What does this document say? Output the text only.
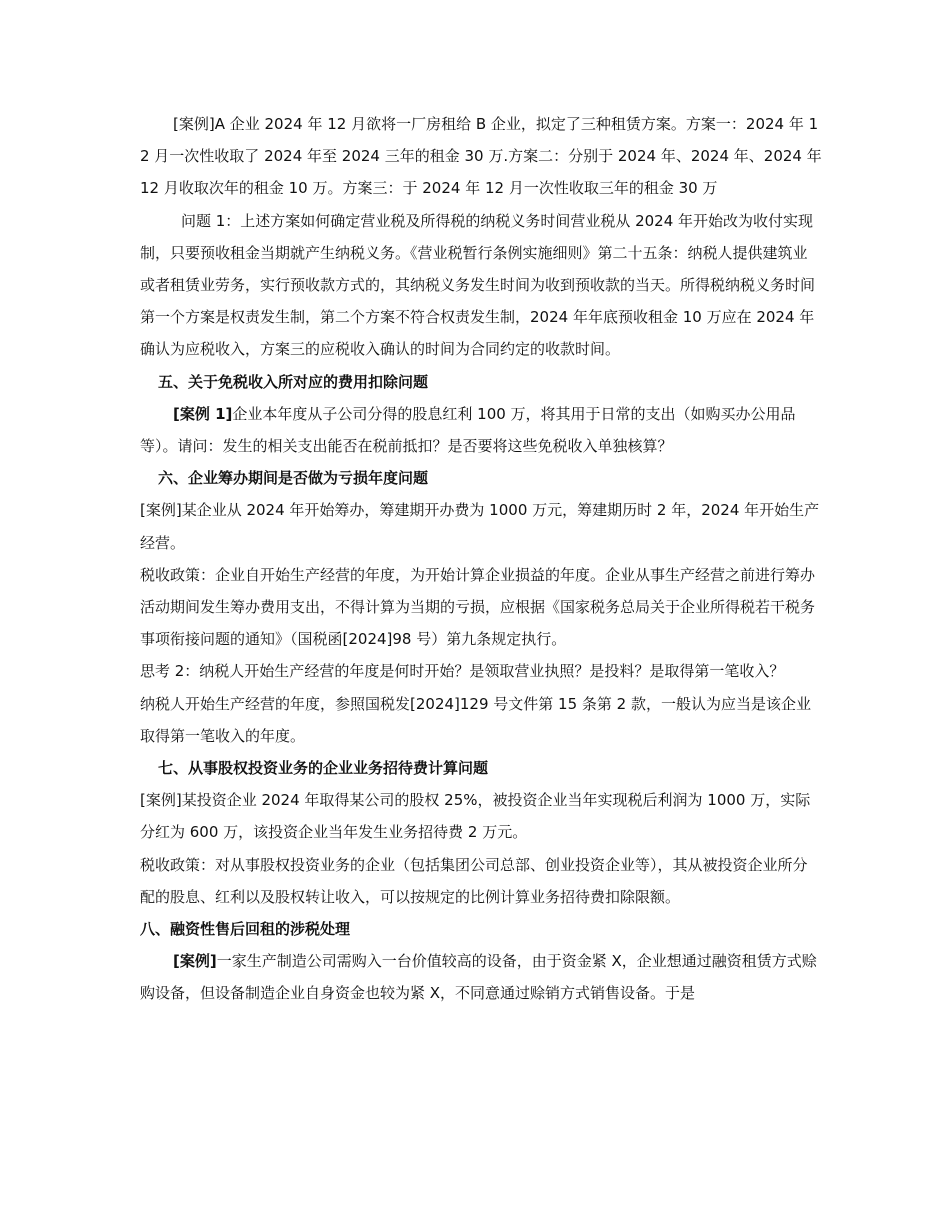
[案例]A 企业 2024 年 12 月欲将一厂房租给 B 企业，拟定了三种租赁方案。方案一：2024 年 12 月一次性收取了 2024 年至 2024 三年的租金 30 万.方案二：分别于 2024 年、2024 年、2024 年 12 月收取次年的租金 10 万。方案三：于 2024 年 12 月一次性收取三年的租金 30 万

问题 1：上述方案如何确定营业税及所得税的纳税义务时间营业税从 2024 年开始改为收付实现制，只要预收租金当期就产生纳税义务。《营业税暂行条例实施细则》第二十五条：纳税人提供建筑业或者租赁业劳务，实行预收款方式的，其纳税义务发生时间为收到预收款的当天。所得税纳税义务时间第一个方案是权责发生制，第二个方案不符合权责发生制，2024 年年底预收租金 10 万应在 2024 年确认为应税收入，方案三的应税收入确认的时间为合同约定的收款时间。

五、关于免税收入所对应的费用扣除问题

[案例 1]企业本年度从子公司分得的股息红利 100 万，将其用于日常的支出（如购买办公用品等）。请问：发生的相关支出能否在税前抵扣？是否要将这些免税收入单独核算？

六、企业筹办期间是否做为亏损年度问题

[案例]某企业从 2024 年开始筹办，筹建期开办费为 1000 万元，筹建期历时 2 年，2024 年开始生产经营。

税收政策：企业自开始生产经营的年度，为开始计算企业损益的年度。企业从事生产经营之前进行筹办活动期间发生筹办费用支出，不得计算为当期的亏损，应根据《国家税务总局关于企业所得税若干税务事项衔接问题的通知》（国税函[2024]98 号）第九条规定执行。

思考 2：纳税人开始生产经营的年度是何时开始？是领取营业执照？是投料？是取得第一笔收入？

纳税人开始生产经营的年度，参照国税发[2024]129 号文件第 15 条第 2 款，一般认为应当是该企业取得第一笔收入的年度。

七、从事股权投资业务的企业业务招待费计算问题

[案例]某投资企业 2024 年取得某公司的股权 25%，被投资企业当年实现税后利润为 1000 万，实际分红为 600 万，该投资企业当年发生业务招待费 2 万元。

税收政策：对从事股权投资业务的企业（包括集团公司总部、创业投资企业等），其从被投资企业所分配的股息、红利以及股权转让收入，可以按规定的比例计算业务招待费扣除限额。

八、融资性售后回租的涉税处理

[案例]一家生产制造公司需购入一台价值较高的设备，由于资金紧 X，企业想通过融资租赁方式赊购设备，但设备制造企业自身资金也较为紧 X，不同意通过赊销方式销售设备。于是
